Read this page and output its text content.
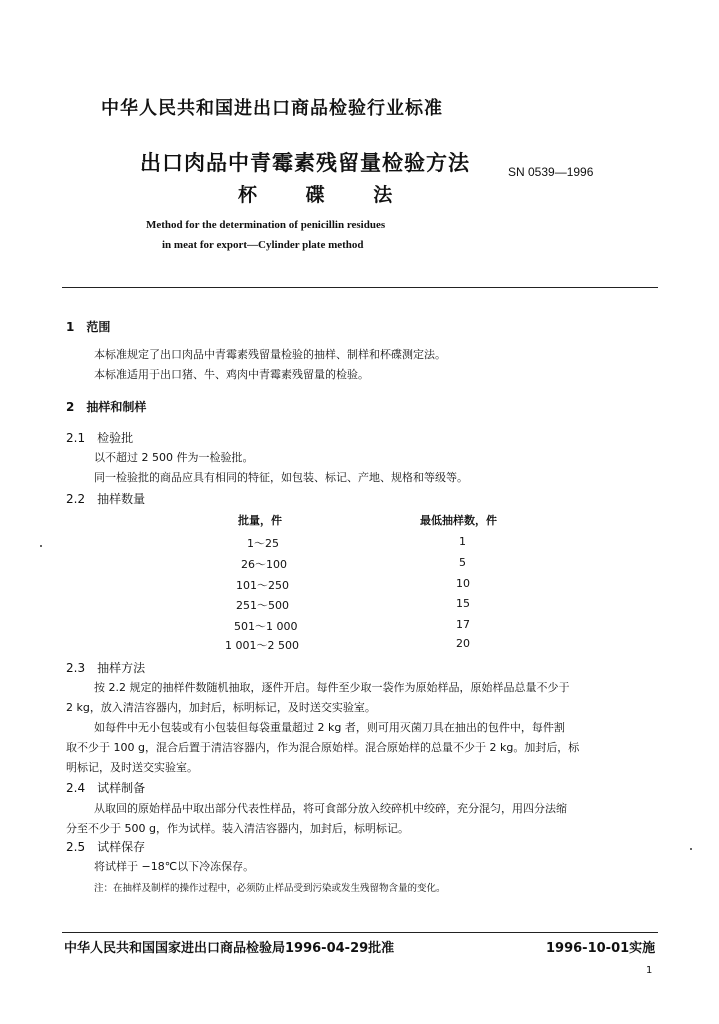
中华人民共和国进出口商品检验行业标准
出口肉品中青霉素残留量检验方法
杯 碟 法
SN 0539—1996
Method for the determination of penicillin residues
in meat for export—Cylinder plate method
1　范围
本标准规定了出口肉品中青霉素残留量检验的抽样、制样和杯碟测定法。
本标准适用于出口猪、牛、鸡肉中青霉素残留量的检验。
2　抽样和制样
2.1　检验批
以不超过 2 500 件为一检验批。
同一检验批的商品应具有相同的特征，如包装、标记、产地、规格和等级等。
2.2　抽样数量
批量，件	最低抽样数，件
1～25	1
26～100	5
101～250	10
251～500	15
501～1 000	17
1 001～2 500	20
2.3　抽样方法
按 2.2 规定的抽样件数随机抽取，逐件开启。每件至少取一袋作为原始样品，原始样品总量不少于
2 kg，放入清洁容器内，加封后，标明标记，及时送交实验室。
如每件中无小包装或有小包装但每袋重量超过 2 kg 者，则可用灭菌刀具在抽出的包件中，每件割
取不少于 100 g，混合后置于清洁容器内，作为混合原始样。混合原始样的总量不少于 2 kg。加封后，标
明标记，及时送交实验室。
2.4　试样制备
从取回的原始样品中取出部分代表性样品，将可食部分放入绞碎机中绞碎，充分混匀，用四分法缩
分至不少于 500 g，作为试样。装入清洁容器内，加封后，标明标记。
2.5　试样保存
将试样于 −18℃以下冷冻保存。
注：在抽样及制样的操作过程中，必须防止样品受到污染或发生残留物含量的变化。
中华人民共和国国家进出口商品检验局1996-04-29批准	1996-10-01实施
1
